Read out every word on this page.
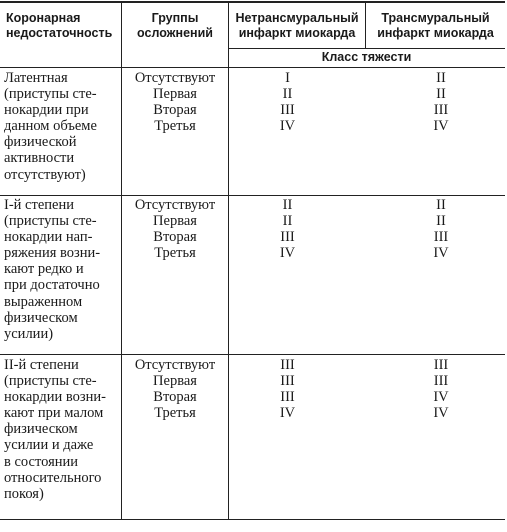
Коронарная
недостаточность
Группы
осложнений
Нетрансмуральный
инфаркт миокарда
Трансмуральный
инфаркт миокарда
Класс тяжести
Латентная
(приступы сте-
нокардии при
данном объеме
физической
активности
отсутствуют)
Отсутствуют
Первая
Вторая
Третья
I
II
III
IV
II
II
III
IV
I-й степени
(приступы сте-
нокардии нап-
ряжения возни-
кают редко и
при достаточно
выраженном
физическом
усилии)
Отсутствуют
Первая
Вторая
Третья
II
II
III
IV
II
II
III
IV
II-й степени
(приступы сте-
нокардии возни-
кают при малом
физическом
усилии и даже
в состоянии
относительного
покоя)
Отсутствуют
Первая
Вторая
Третья
III
III
III
IV
III
III
IV
IV
